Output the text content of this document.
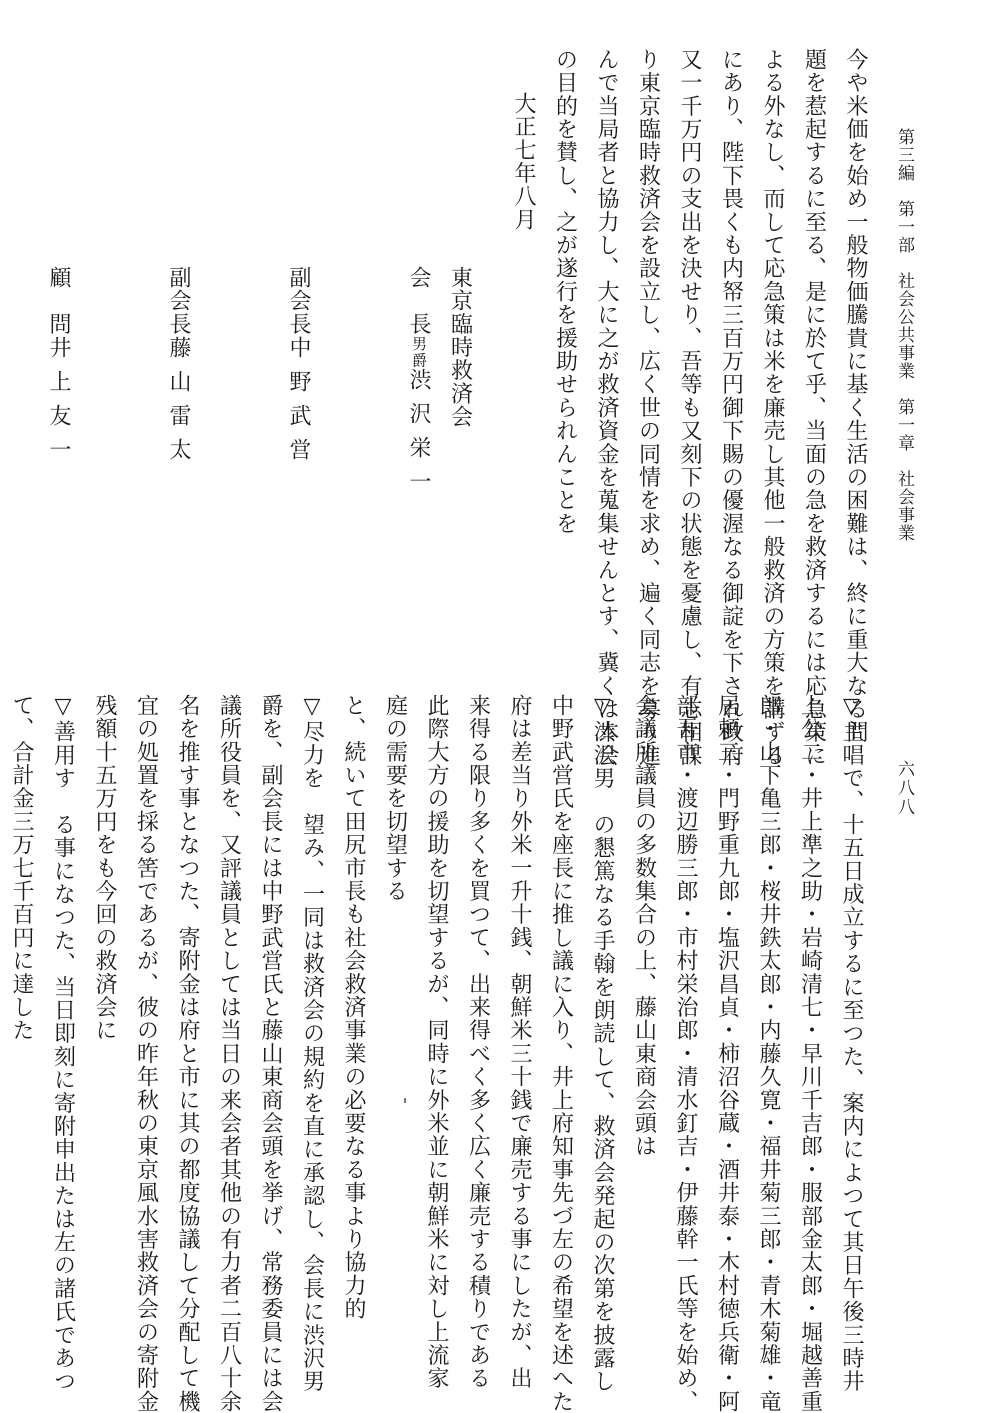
第三編　第一部　社会公共事業　第一章　社会事業
六八八

今や米価を始め一般物価騰貴に基く生活の困難は、終に重大なる問

題を惹起するに至る、是に於て乎、当面の急を救済するには応急策に

よる外なし、而して応急策は米を廉売し其他一般救済の方策を講ずる

にあり、陛下畏くも内帑三百万円御下賜の優渥なる御諚を下され政府

又一千万円の支出を決せり、吾等も又刻下の状態を憂慮し、有志相謀

り東京臨時救済会を設立し、広く世の同情を求め、遍く同志を募り進

んで当局者と協力し、大に之が救済資金を蒐集せんとす、冀くは本会

の目的を賛し、之が遂行を援助せられんことを

大正七年八月

東京臨時救済会

会　長
男爵
渋沢栄一

副会長
中野武営

副会長
藤山雷太

顧　問
井上友一

▽主唱で、十五日成立するに至つた、案内によつて其日午後三時井

上公二・井上準之助・岩崎清七・早川千吉郎・服部金太郎・堀越善重

郎・山下亀三郎・桜井鉄太郎・内藤久寛・福井菊三郎・青木菊雄・竜

居頼三・門野重九郎・塩沢昌貞・柿沼谷蔵・酒井泰・木村徳兵衛・阿

部吾市・渡辺勝三郎・市村栄治郎・清水釘吉・伊藤幹一氏等を始め、

会議所議員の多数集合の上、藤山東商会頭は

▽渋沢男　の懇篤なる手翰を朗読して、救済会発起の次第を披露し

中野武営氏を座長に推し議に入り、井上府知事先づ左の希望を述へた

府は差当り外米一升十銭、朝鮮米三十銭で廉売する事にしたが、出

来得る限り多くを買つて、出来得べく多く広く廉売する積りである

此際大方の援助を切望するが、同時に外米並に朝鮮米に対し上流家

庭の需要を切望する

と、続いて田尻市長も社会救済事業の必要なる事より協力的

▽尽力を　望み、一同は救済会の規約を直に承認し、会長に渋沢男

爵を、副会長には中野武営氏と藤山東商会頭を挙げ、常務委員には会

議所役員を、又評議員としては当日の来会者其他の有力者二百八十余

名を推す事となつた、寄附金は府と市に其の都度協議して分配して機

宜の処置を採る筈であるが、彼の昨年秋の東京風水害救済会の寄附金

残額十五万円をも今回の救済会に

▽善用す　る事になつた、当日即刻に寄附申出たは左の諸氏であつ

て、合計金三万七千百円に達した
